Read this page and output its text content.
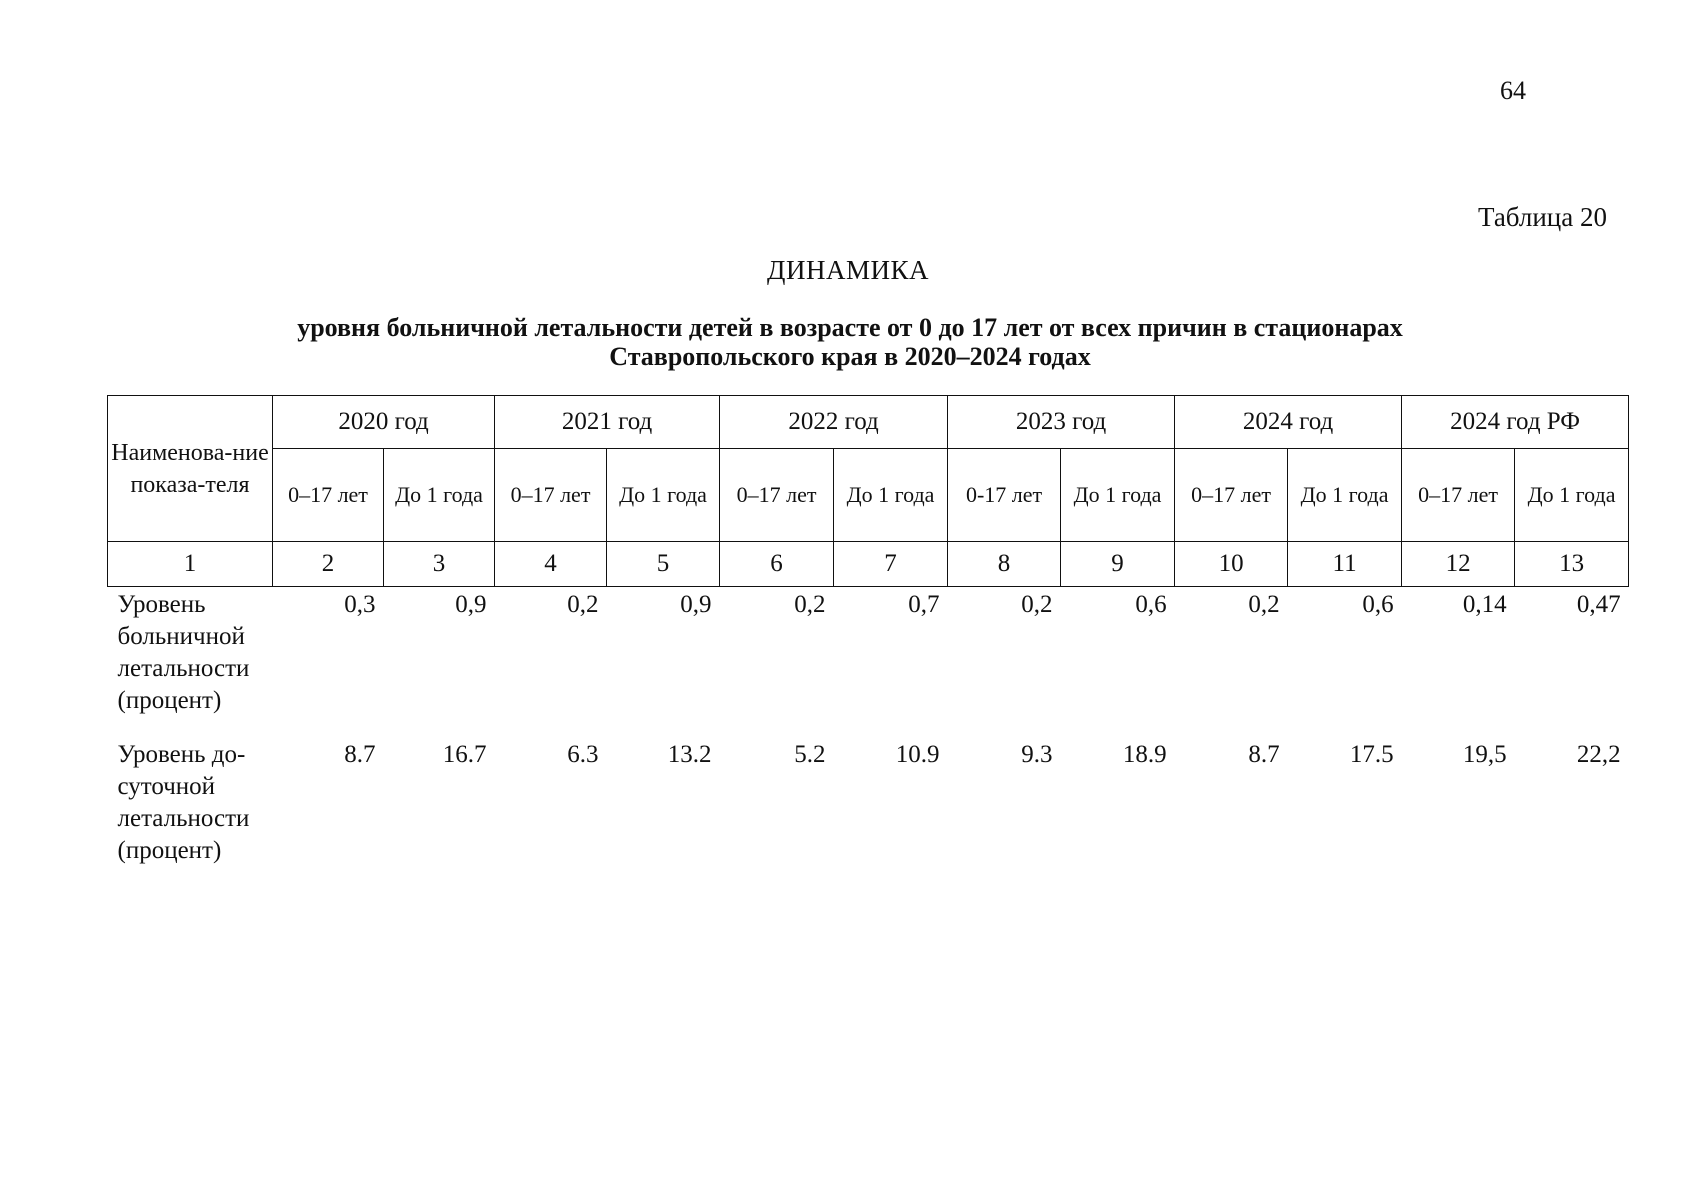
64
Таблица 20
ДИНАМИКА
уровня больничной летальности детей в возрасте от 0 до 17 лет от всех причин в стационарах
Ставропольского края в 2020–2024 годах
Наименова-ние показа-теля	2020 год		2021 год		2022 год		2023 год		2024 год		2024 год РФ	
	0–17 лет	До 1 года	0–17 лет	До 1 года	0–17 лет	До 1 года	0-17 лет	До 1 года	0–17 лет	До 1 года	0–17 лет	До 1 года
1	2	3	4	5	6	7	8	9	10	11	12	13
Уровень больничной летальности (процент)	0,3	0,9	0,2	0,9	0,2	0,7	0,2	0,6	0,2	0,6	0,14	0,47

Уровень до-суточной летальности (процент)	8.7	16.7	6.3	13.2	5.2	10.9	9.3	18.9	8.7	17.5	19,5	22,2
